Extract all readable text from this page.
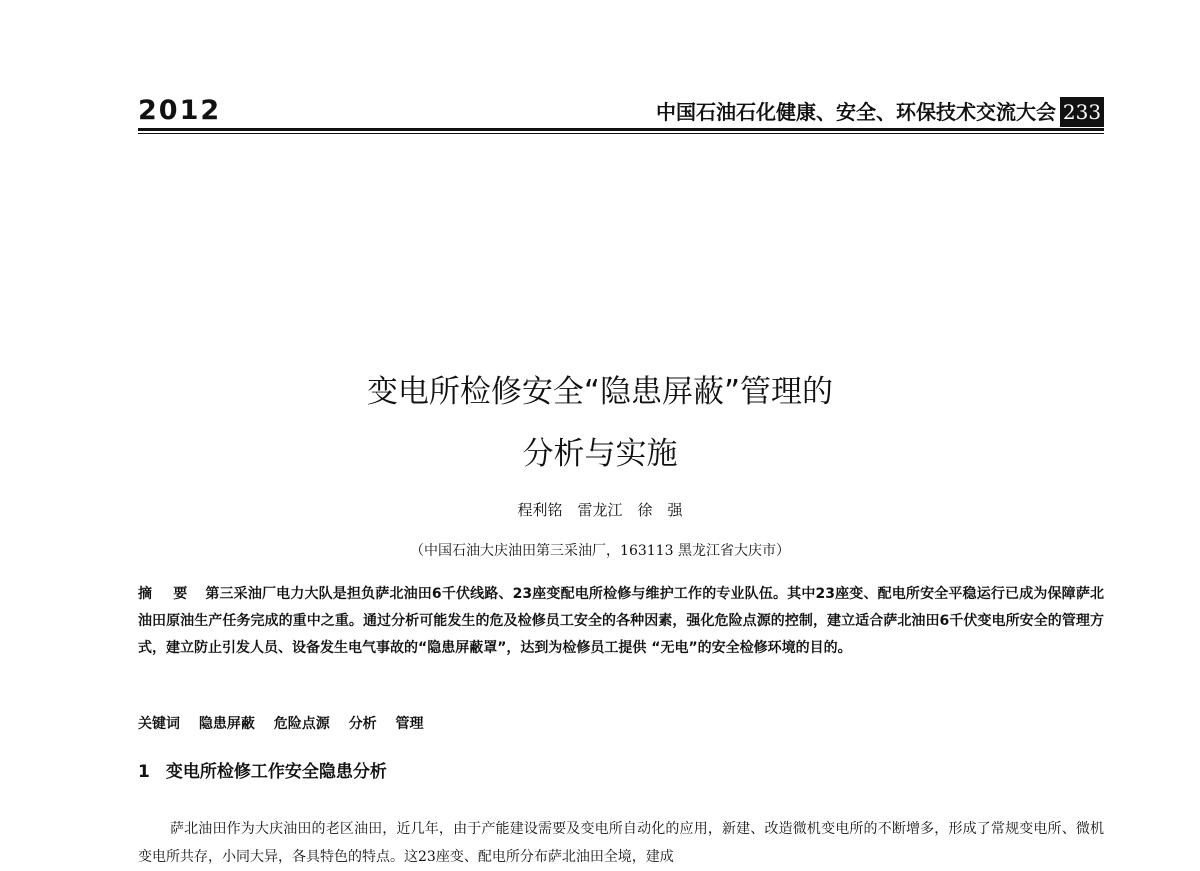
2012	中国石油石化健康、安全、环保技术交流大会 233
变电所检修安全“隐患屏蔽”管理的
分析与实施
程利铭　雷龙江　徐　强
（中国石油大庆油田第三采油厂，163113 黑龙江省大庆市）

摘 要 第三采油厂电力大队是担负萨北油田6千伏线路、23座变配电所检修与维护工作的专业队伍。其中23座变、配电所安全平稳运行已成为保障萨北油田原油生产任务完成的重中之重。通过分析可能发生的危及检修员工安全的各种因素，强化危险点源的控制，建立适合萨北油田6千伏变电所安全的管理方式，建立防止引发人员、设备发生电气事故的“隐患屏蔽罩”，达到为检修员工提供 “无电”的安全检修环境的目的。

关键词 隐患屏蔽 危险点源 分析 管理

1 变电所检修工作安全隐患分析

萨北油田作为大庆油田的老区油田，近几年，由于产能建设需要及变电所自动化的应用，新建、改造微机变电所的不断增多，形成了常规变电所、微机变电所共存，小同大异，各具特色的特点。这23座变、配电所分布萨北油田全境，建成
